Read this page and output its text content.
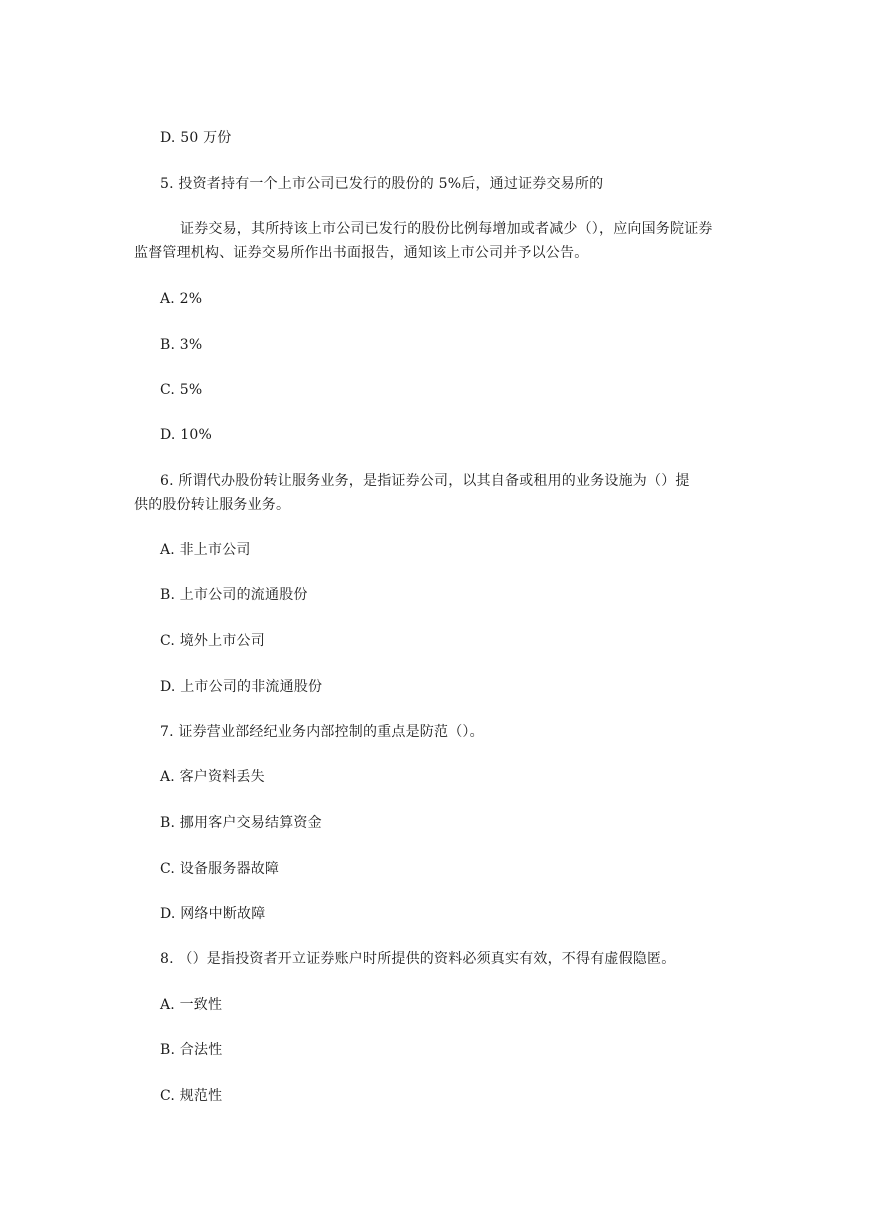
D. 50 万份
5. 投资者持有一个上市公司已发行的股份的 5%后，通过证券交易所的
证券交易，其所持该上市公司已发行的股份比例每增加或者减少（），应向国务院证券
监督管理机构、证券交易所作出书面报告，通知该上市公司并予以公告。
A. 2%
B. 3%
C. 5%
D. 10%
6. 所谓代办股份转让服务业务，是指证券公司，以其自备或租用的业务设施为（）提
供的股份转让服务业务。
A. 非上市公司
B. 上市公司的流通股份
C. 境外上市公司
D. 上市公司的非流通股份
7. 证券营业部经纪业务内部控制的重点是防范（）。
A. 客户资料丢失
B. 挪用客户交易结算资金
C. 设备服务器故障
D. 网络中断故障
8. （）是指投资者开立证券账户时所提供的资料必须真实有效，不得有虚假隐匿。
A. 一致性
B. 合法性
C. 规范性
